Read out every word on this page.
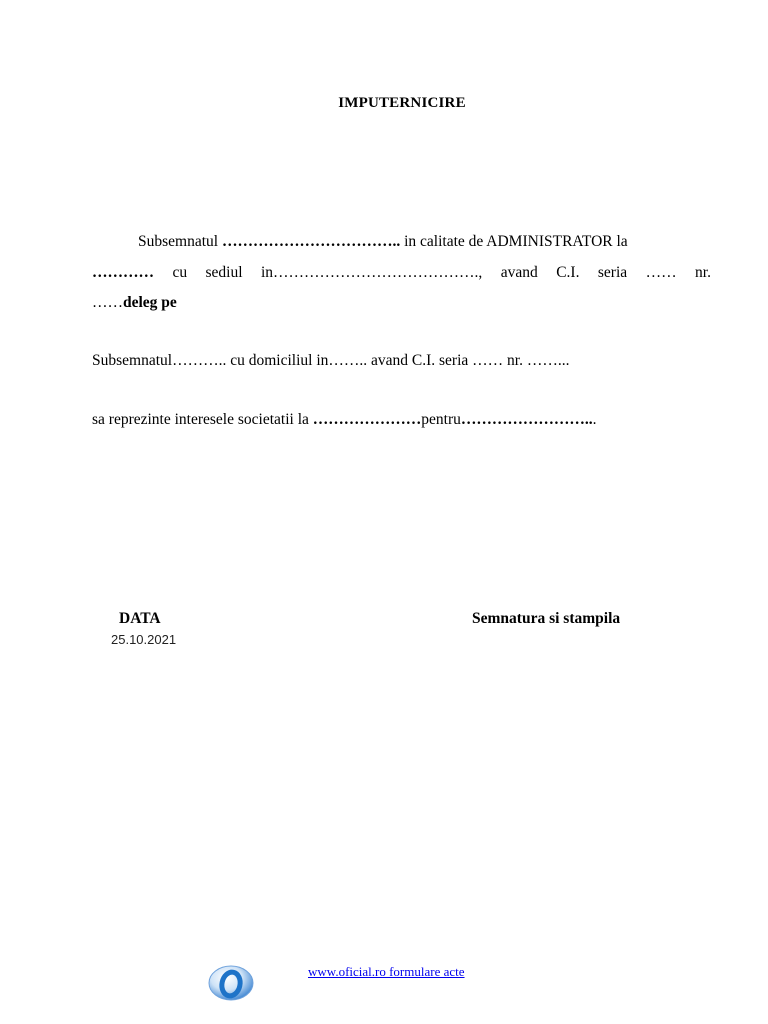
IMPUTERNICIRE
Subsemnatul …………………………….. in calitate de ADMINISTRATOR la
………… cu sediul in…………………………………., avand C.I. seria …… nr.
……deleg pe
Subsemnatul……….. cu domiciliul in…….. avand C.I. seria …… nr. ……...
sa reprezinte interesele societatii la …………………pentru……………………...
DATA
25.10.2021
Semnatura si stampila
www.oficial.ro formulare acte
